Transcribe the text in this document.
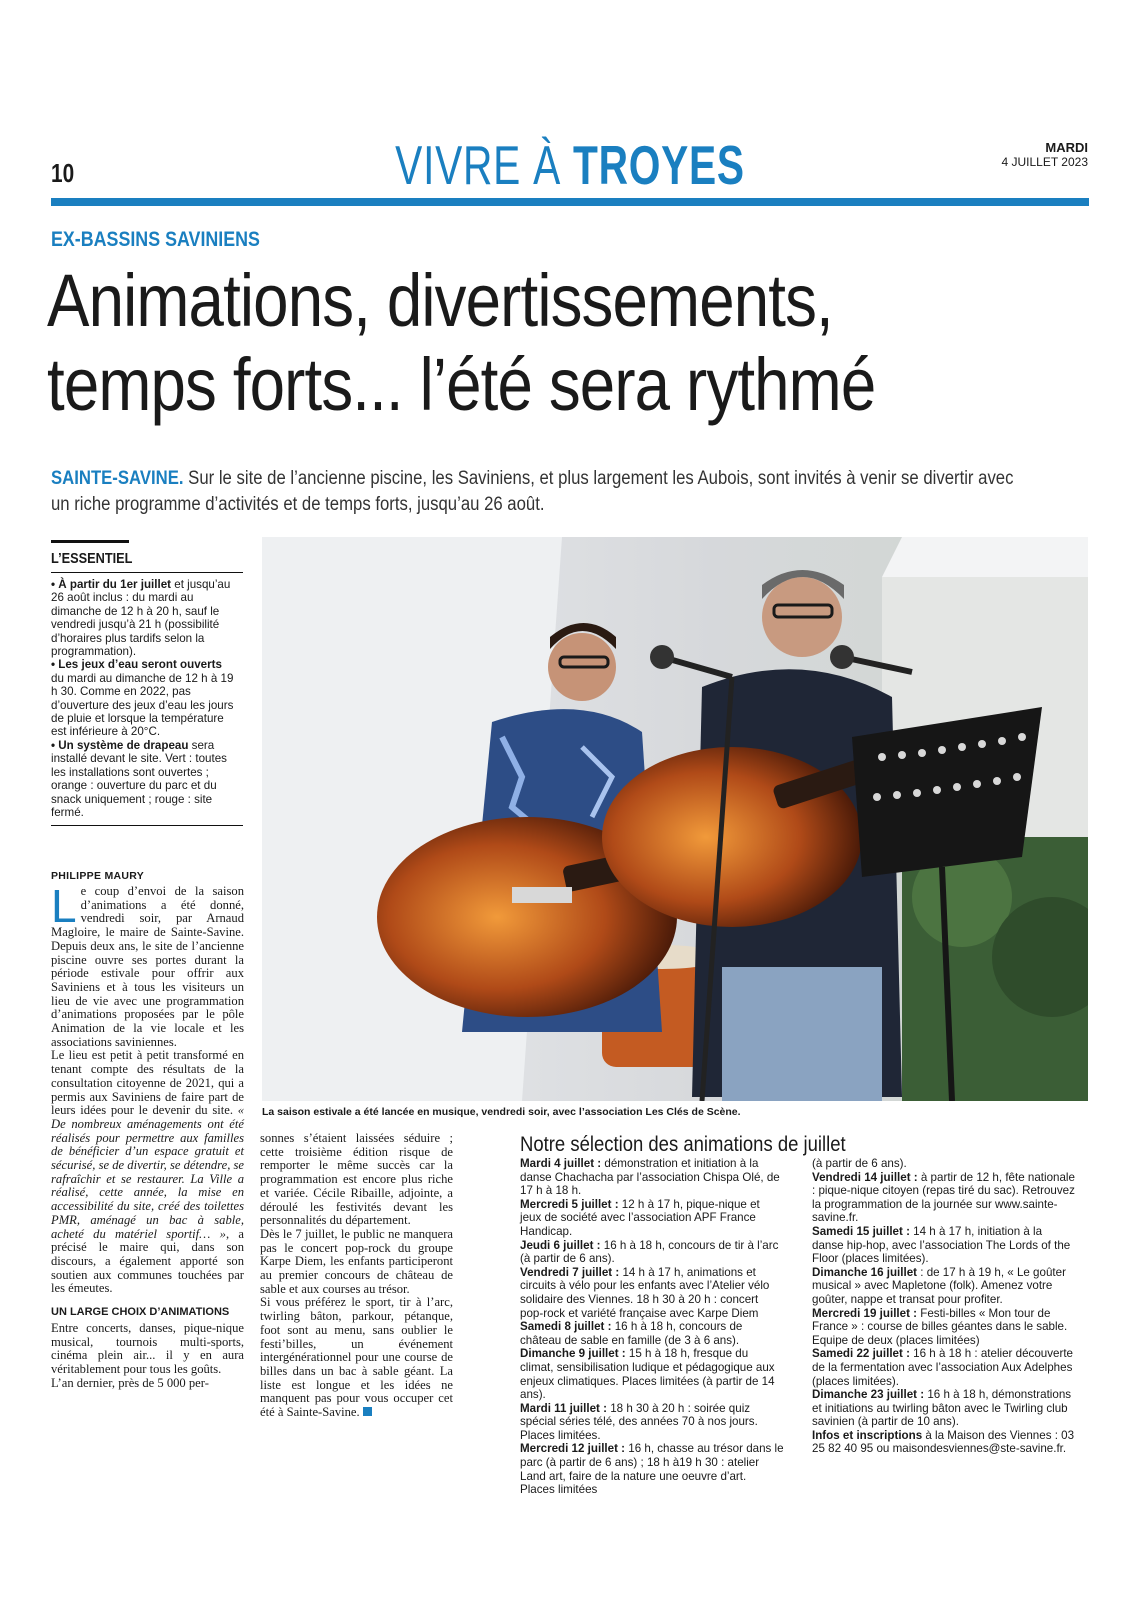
10	VIVRE À TROYES	MARDI
4 JUILLET 2023
EX-BASSINS SAVINIENS
Animations, divertissements,
temps forts... l’été sera rythmé
SAINTE-SAVINE. Sur le site de l’ancienne piscine, les Saviniens, et plus largement les Aubois, sont invités à venir se divertir avec un riche programme d’activités et de temps forts, jusqu’au 26 août.
L’ESSENTIEL

• À partir du 1er juillet et jusqu’au 26 août inclus : du mardi au dimanche de 12 h à 20 h, sauf le vendredi jusqu’à 21 h (possibilité d’horaires plus tardifs selon la programmation).

• Les jeux d’eau seront ouverts du mardi au dimanche de 12 h à 19 h 30. Comme en 2022, pas d’ouverture des jeux d’eau les jours de pluie et lorsque la température est inférieure à 20°C.

• Un système de drapeau sera installé devant le site. Vert : toutes les installations sont ouvertes ; orange : ouverture du parc et du snack uniquement ; rouge : site fermé.

PHILIPPE MAURY

Le coup d’envoi de la saison d’animations a été donné, vendredi soir, par Arnaud Magloire, le maire de Sainte-Savine. Depuis deux ans, le site de l’ancienne piscine ouvre ses portes durant la période estivale pour offrir aux Saviniens et à tous les visiteurs un lieu de vie avec une programmation d’animations proposées par le pôle Animation de la vie locale et les associations saviniennes.

Le lieu est petit à petit transformé en tenant compte des résultats de la consultation citoyenne de 2021, qui a permis aux Saviniens de faire part de leurs idées pour le devenir du site. « De nombreux aménagements ont été réalisés pour permettre aux familles de bénéficier d’un espace gratuit et sécurisé, se de divertir, se détendre, se rafraîchir et se restaurer. La Ville a réalisé, cette année, la mise en accessibilité du site, créé des toilettes PMR, aménagé un bac à sable, acheté du matériel sportif… », a précisé le maire qui, dans son discours, a également apporté son soutien aux communes touchées par les émeutes.

UN LARGE CHOIX D’ANIMATIONS

Entre concerts, danses, pique-nique musical, tournois multi-sports, cinéma plein air... il y en aura véritablement pour tous les goûts.

L’an dernier, près de 5 000 per-

sonnes s’étaient laissées séduire ; cette troisième édition risque de remporter le même succès car la programmation est encore plus riche et variée. Cécile Ribaille, adjointe, a déroulé les festivités devant les personnalités du département.

Dès le 7 juillet, le public ne manquera pas le concert pop-rock du groupe Karpe Diem, les enfants participeront au premier concours de château de sable et aux courses au trésor.

Si vous préférez le sport, tir à l’arc, twirling bâton, parkour, pétanque, foot sont au menu, sans oublier le festi’billes, un événement intergénérationnel pour une course de billes dans un bac à sable géant. La liste est longue et les idées ne manquent pas pour vous occuper cet été à Sainte-Savine.

La saison estivale a été lancée en musique, vendredi soir, avec l’association Les Clés de Scène.
Notre sélection des animations de juillet

Mardi 4 juillet : démonstration et initiation à la danse Chachacha par l’association Chispa Olé, de 17 h à 18 h.

Mercredi 5 juillet : 12 h à 17 h, pique-nique et jeux de société avec l’association APF France Handicap.

Jeudi 6 juillet : 16 h à 18 h, concours de tir à l’arc (à partir de 6 ans).

Vendredi 7 juillet : 14 h à 17 h, animations et circuits à vélo pour les enfants avec l’Atelier vélo solidaire des Viennes. 18 h 30 à 20 h : concert pop-rock et variété française avec Karpe Diem

Samedi 8 juillet : 16 h à 18 h, concours de château de sable en famille (de 3 à 6 ans).

Dimanche 9 juillet : 15 h à 18 h, fresque du climat, sensibilisation ludique et pédagogique aux enjeux climatiques. Places limitées (à partir de 14 ans).

Mardi 11 juillet : 18 h 30 à 20 h : soirée quiz spécial séries télé, des années 70 à nos jours. Places limitées.

Mercredi 12 juillet : 16 h, chasse au trésor dans le parc (à partir de 6 ans) ; 18 h à19 h 30 : atelier Land art, faire de la nature une oeuvre d’art. Places limitées

(à partir de 6 ans).

Vendredi 14 juillet : à partir de 12 h, fête nationale : pique-nique citoyen (repas tiré du sac). Retrouvez la programmation de la journée sur www.sainte-savine.fr.

Samedi 15 juillet : 14 h à 17 h, initiation à la danse hip-hop, avec l’association The Lords of the Floor (places limitées).

Dimanche 16 juillet : de 17 h à 19 h, « Le goûter musical » avec Mapletone (folk). Amenez votre goûter, nappe et transat pour profiter.

Mercredi 19 juillet : Festi-billes « Mon tour de France » : course de billes géantes dans le sable. Equipe de deux (places limitées)

Samedi 22 juillet : 16 h à 18 h : atelier découverte de la fermentation avec l’association Aux Adelphes (places limitées).

Dimanche 23 juillet : 16 h à 18 h, démonstrations et initiations au twirling bâton avec le Twirling club savinien (à partir de 10 ans).

Infos et inscriptions à la Maison des Viennes : 03 25 82 40 95 ou maisondesviennes@ste-savine.fr.
